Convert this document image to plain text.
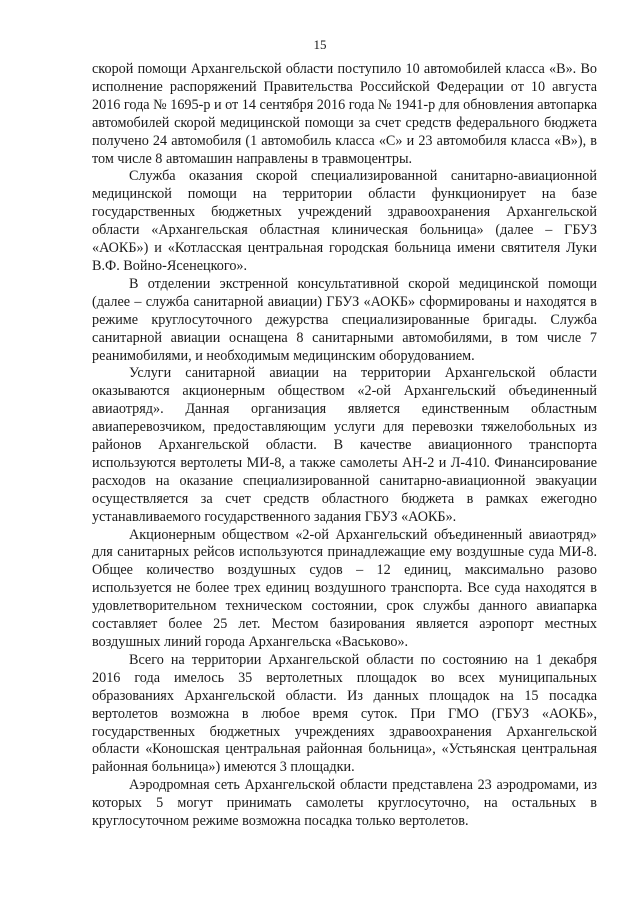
15

скорой помощи Архангельской области поступило 10 автомобилей класса «В». Во исполнение распоряжений Правительства Российской Федерации от 10 августа 2016 года № 1695-р и от 14 сентября 2016 года № 1941-р для обновления автопарка автомобилей скорой медицинской помощи за счет средств федерального бюджета получено 24 автомобиля (1 автомобиль класса «С» и 23 автомобиля класса «В»), в том числе 8 автомашин направлены в травмоцентры.

Служба оказания скорой специализированной санитарно-авиационной медицинской помощи на территории области функционирует на базе государственных бюджетных учреждений здравоохранения Архангельской области «Архангельская областная клиническая больница» (далее – ГБУЗ «АОКБ») и «Котласская центральная городская больница имени святителя Луки В.Ф. Войно-Ясенецкого».

В отделении экстренной консультативной скорой медицинской помощи (далее – служба санитарной авиации) ГБУЗ «АОКБ» сформированы и находятся в режиме круглосуточного дежурства специализированные бригады. Служба санитарной авиации оснащена 8 санитарными автомобилями, в том числе 7 реанимобилями, и необходимым медицинским оборудованием.

Услуги санитарной авиации на территории Архангельской области оказываются акционерным обществом «2-ой Архангельский объединенный авиаотряд». Данная организация является единственным областным авиаперевозчиком, предоставляющим услуги для перевозки тяжелобольных из районов Архангельской области. В качестве авиационного транспорта используются вертолеты МИ-8, а также самолеты АН-2 и Л-410. Финансирование расходов на оказание специализированной санитарно-авиационной эвакуации осуществляется за счет средств областного бюджета в рамках ежегодно устанавливаемого государственного задания ГБУЗ «АОКБ».

Акционерным обществом «2-ой Архангельский объединенный авиаотряд» для санитарных рейсов используются принадлежащие ему воздушные суда МИ-8. Общее количество воздушных судов – 12 единиц, максимально разово используется не более трех единиц воздушного транспорта. Все суда находятся в удовлетворительном техническом состоянии, срок службы данного авиапарка составляет более 25 лет. Местом базирования является аэропорт местных воздушных линий города Архангельска «Васьково».

Всего на территории Архангельской области по состоянию на 1 декабря 2016 года имелось 35 вертолетных площадок во всех муниципальных образованиях Архангельской области. Из данных площадок на 15 посадка вертолетов возможна в любое время суток. При ГМО (ГБУЗ «АОКБ», государственных бюджетных учреждениях здравоохранения Архангельской области «Коношская центральная районная больница», «Устьянская центральная районная больница») имеются 3 площадки.

Аэродромная сеть Архангельской области представлена 23 аэродромами, из которых 5 могут принимать самолеты круглосуточно, на остальных в круглосуточном режиме возможна посадка только вертолетов.
